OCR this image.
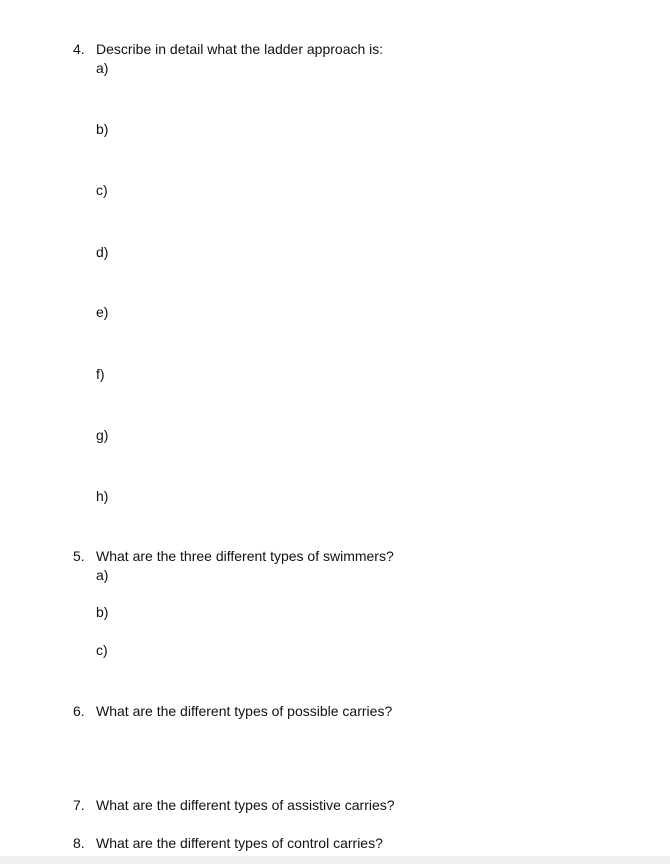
4. Describe in detail what the ladder approach is:
a)
b)
c)
d)
e)
f)
g)
h)
5. What are the three different types of swimmers?
a)
b)
c)
6. What are the different types of possible carries?
7. What are the different types of assistive carries?
8. What are the different types of control carries?
